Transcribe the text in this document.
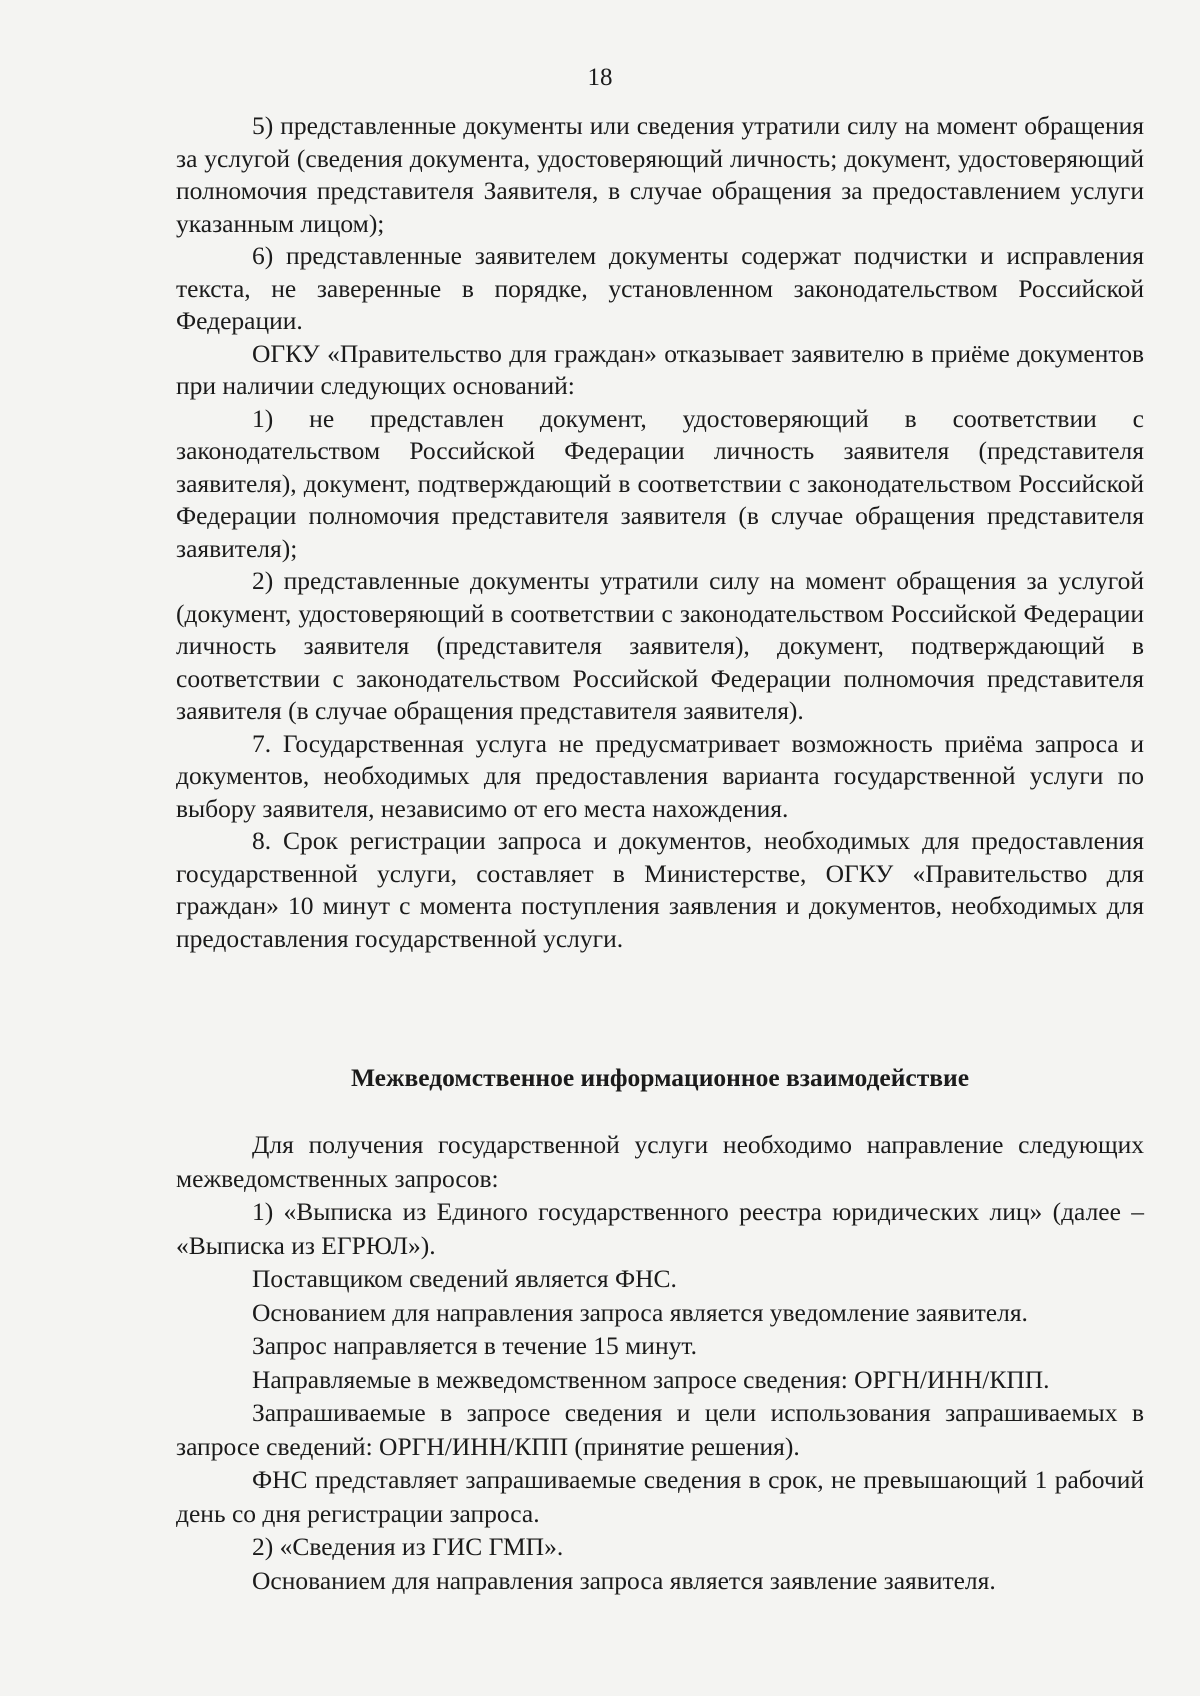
18

5) представленные документы или сведения утратили силу на момент обращения за услугой (сведения документа, удостоверяющий личность; документ, удостоверяющий полномочия представителя Заявителя, в случае обращения за предоставлением услуги указанным лицом);

6) представленные заявителем документы содержат подчистки и исправления текста, не заверенные в порядке, установленном законодательством Российской Федерации.

ОГКУ «Правительство для граждан» отказывает заявителю в приёме документов при наличии следующих оснований:

1) не представлен документ, удостоверяющий в соответствии с законодательством Российской Федерации личность заявителя (представителя заявителя), документ, подтверждающий в соответствии с законодательством Российской Федерации полномочия представителя заявителя (в случае обращения представителя заявителя);

2) представленные документы утратили силу на момент обращения за услугой (документ, удостоверяющий в соответствии с законодательством Российской Федерации личность заявителя (представителя заявителя), документ, подтверждающий в соответствии с законодательством Российской Федерации полномочия представителя заявителя (в случае обращения представителя заявителя).

7. Государственная услуга не предусматривает возможность приёма запроса и документов, необходимых для предоставления варианта государственной услуги по выбору заявителя, независимо от его места нахождения.

8. Срок регистрации запроса и документов, необходимых для предоставления государственной услуги, составляет в Министерстве, ОГКУ «Правительство для граждан» 10 минут с момента поступления заявления и документов, необходимых для предоставления государственной услуги.

Межведомственное информационное взаимодействие

Для получения государственной услуги необходимо направление следующих межведомственных запросов:

1) «Выписка из Единого государственного реестра юридических лиц» (далее – «Выписка из ЕГРЮЛ»).

Поставщиком сведений является ФНС.

Основанием для направления запроса является уведомление заявителя.

Запрос направляется в течение 15 минут.

Направляемые в межведомственном запросе сведения: ОРГН/ИНН/КПП.

Запрашиваемые в запросе сведения и цели использования запрашиваемых в запросе сведений: ОРГН/ИНН/КПП (принятие решения).

ФНС представляет запрашиваемые сведения в срок, не превышающий 1 рабочий день со дня регистрации запроса.

2) «Сведения из ГИС ГМП».

Основанием для направления запроса является заявление заявителя.
